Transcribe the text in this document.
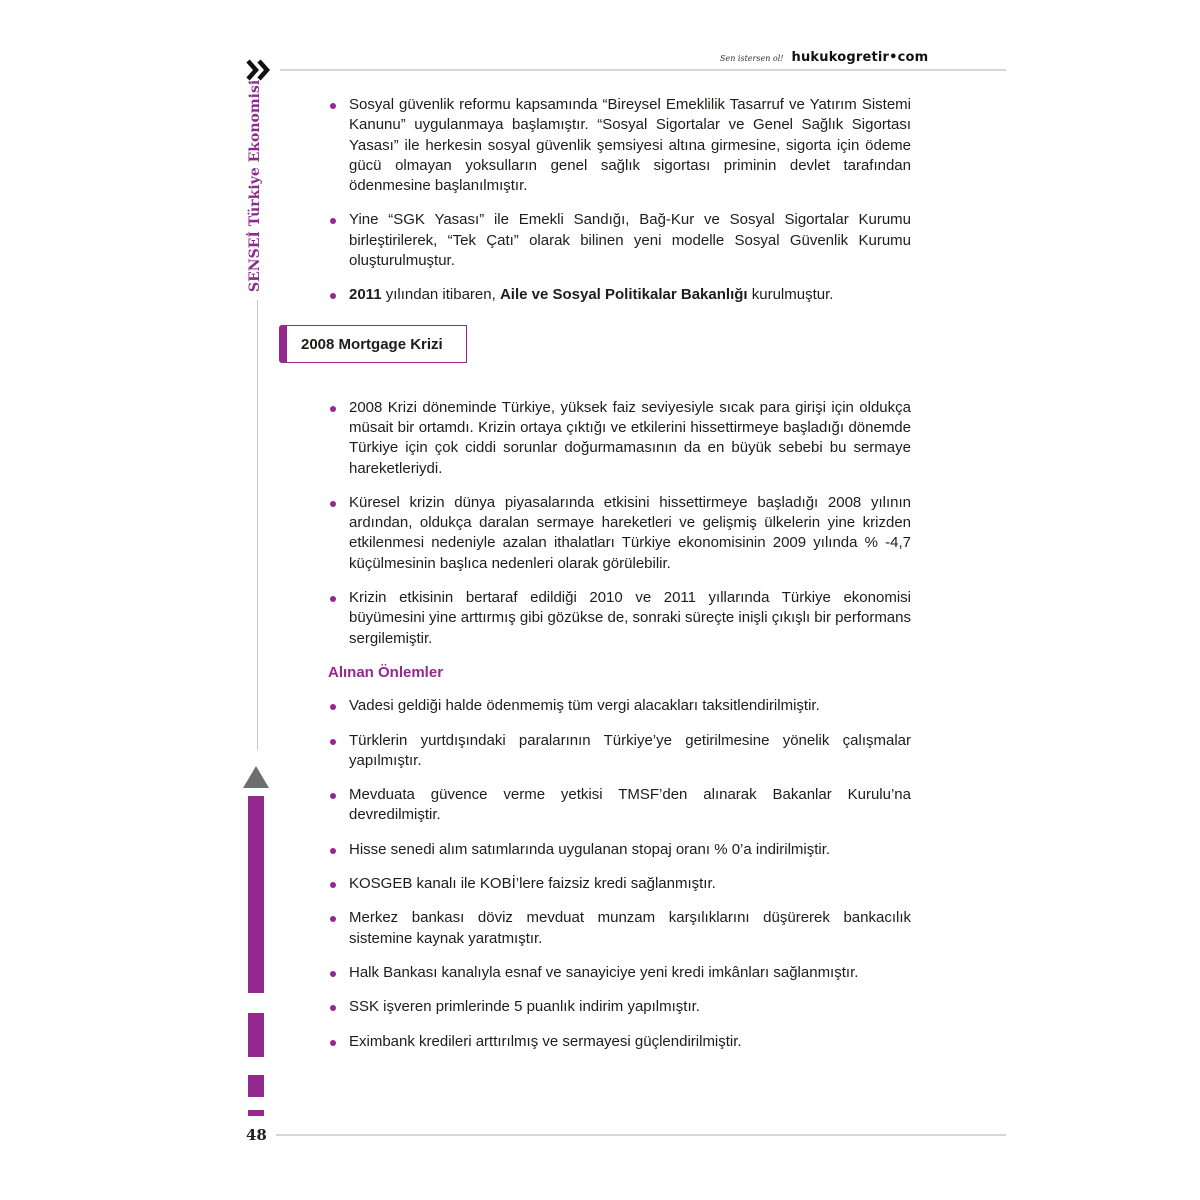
Sen istersen ol! hukukogretir•com
SENSEİ Türkiye Ekonomisi
48
2008 Mortgage Krizi
Sosyal güvenlik reformu kapsamında “Bireysel Emeklilik Tasarruf ve Yatırım Sistemi Kanunu” uygulanmaya başlamıştır. “Sosyal Sigortalar ve Genel Sağlık Sigortası Yasası” ile herkesin sosyal güvenlik şemsiyesi altına girmesine, sigorta için ödeme gücü olmayan yoksulların genel sağlık sigortası priminin devlet tarafından ödenmesine başlanılmıştır.
Yine “SGK Yasası” ile Emekli Sandığı, Bağ-Kur ve Sosyal Sigortalar Kurumu birleştirilerek, “Tek Çatı” olarak bilinen yeni modelle Sosyal Güvenlik Kurumu oluşturulmuştur.
2011 yılından itibaren, Aile ve Sosyal Politikalar Bakanlığı kurulmuştur.
2008 Krizi döneminde Türkiye, yüksek faiz seviyesiyle sıcak para girişi için oldukça müsait bir ortamdı. Krizin ortaya çıktığı ve etkilerini hissettirmeye başladığı dönemde Türkiye için çok ciddi sorunlar doğurmamasının da en büyük sebebi bu sermaye hareketleriydi.
Küresel krizin dünya piyasalarında etkisini hissettirmeye başladığı 2008 yılının ardından, oldukça daralan sermaye hareketleri ve gelişmiş ülkelerin yine krizden etkilenmesi nedeniyle azalan ithalatları Türkiye ekonomisinin 2009 yılında % -4,7 küçülmesinin başlıca nedenleri olarak görülebilir.
Krizin etkisinin bertaraf edildiği 2010 ve 2011 yıllarında Türkiye ekonomisi büyümesini yine arttırmış gibi gözükse de, sonraki süreçte inişli çıkışlı bir performans sergilemiştir.
Alınan Önlemler
Vadesi geldiği halde ödenmemiş tüm vergi alacakları taksitlendirilmiştir.
Türklerin yurtdışındaki paralarının Türkiye’ye getirilmesine yönelik çalışmalar yapılmıştır.
Mevduata güvence verme yetkisi TMSF’den alınarak Bakanlar Kurulu’na devredilmiştir.
Hisse senedi alım satımlarında uygulanan stopaj oranı % 0’a indirilmiştir.
KOSGEB kanalı ile KOBİ’lere faizsiz kredi sağlanmıştır.
Merkez bankası döviz mevduat munzam karşılıklarını düşürerek bankacılık sistemine kaynak yaratmıştır.
Halk Bankası kanalıyla esnaf ve sanayiciye yeni kredi imkânları sağlanmıştır.
SSK işveren primlerinde 5 puanlık indirim yapılmıştır.
Eximbank kredileri arttırılmış ve sermayesi güçlendirilmiştir.
